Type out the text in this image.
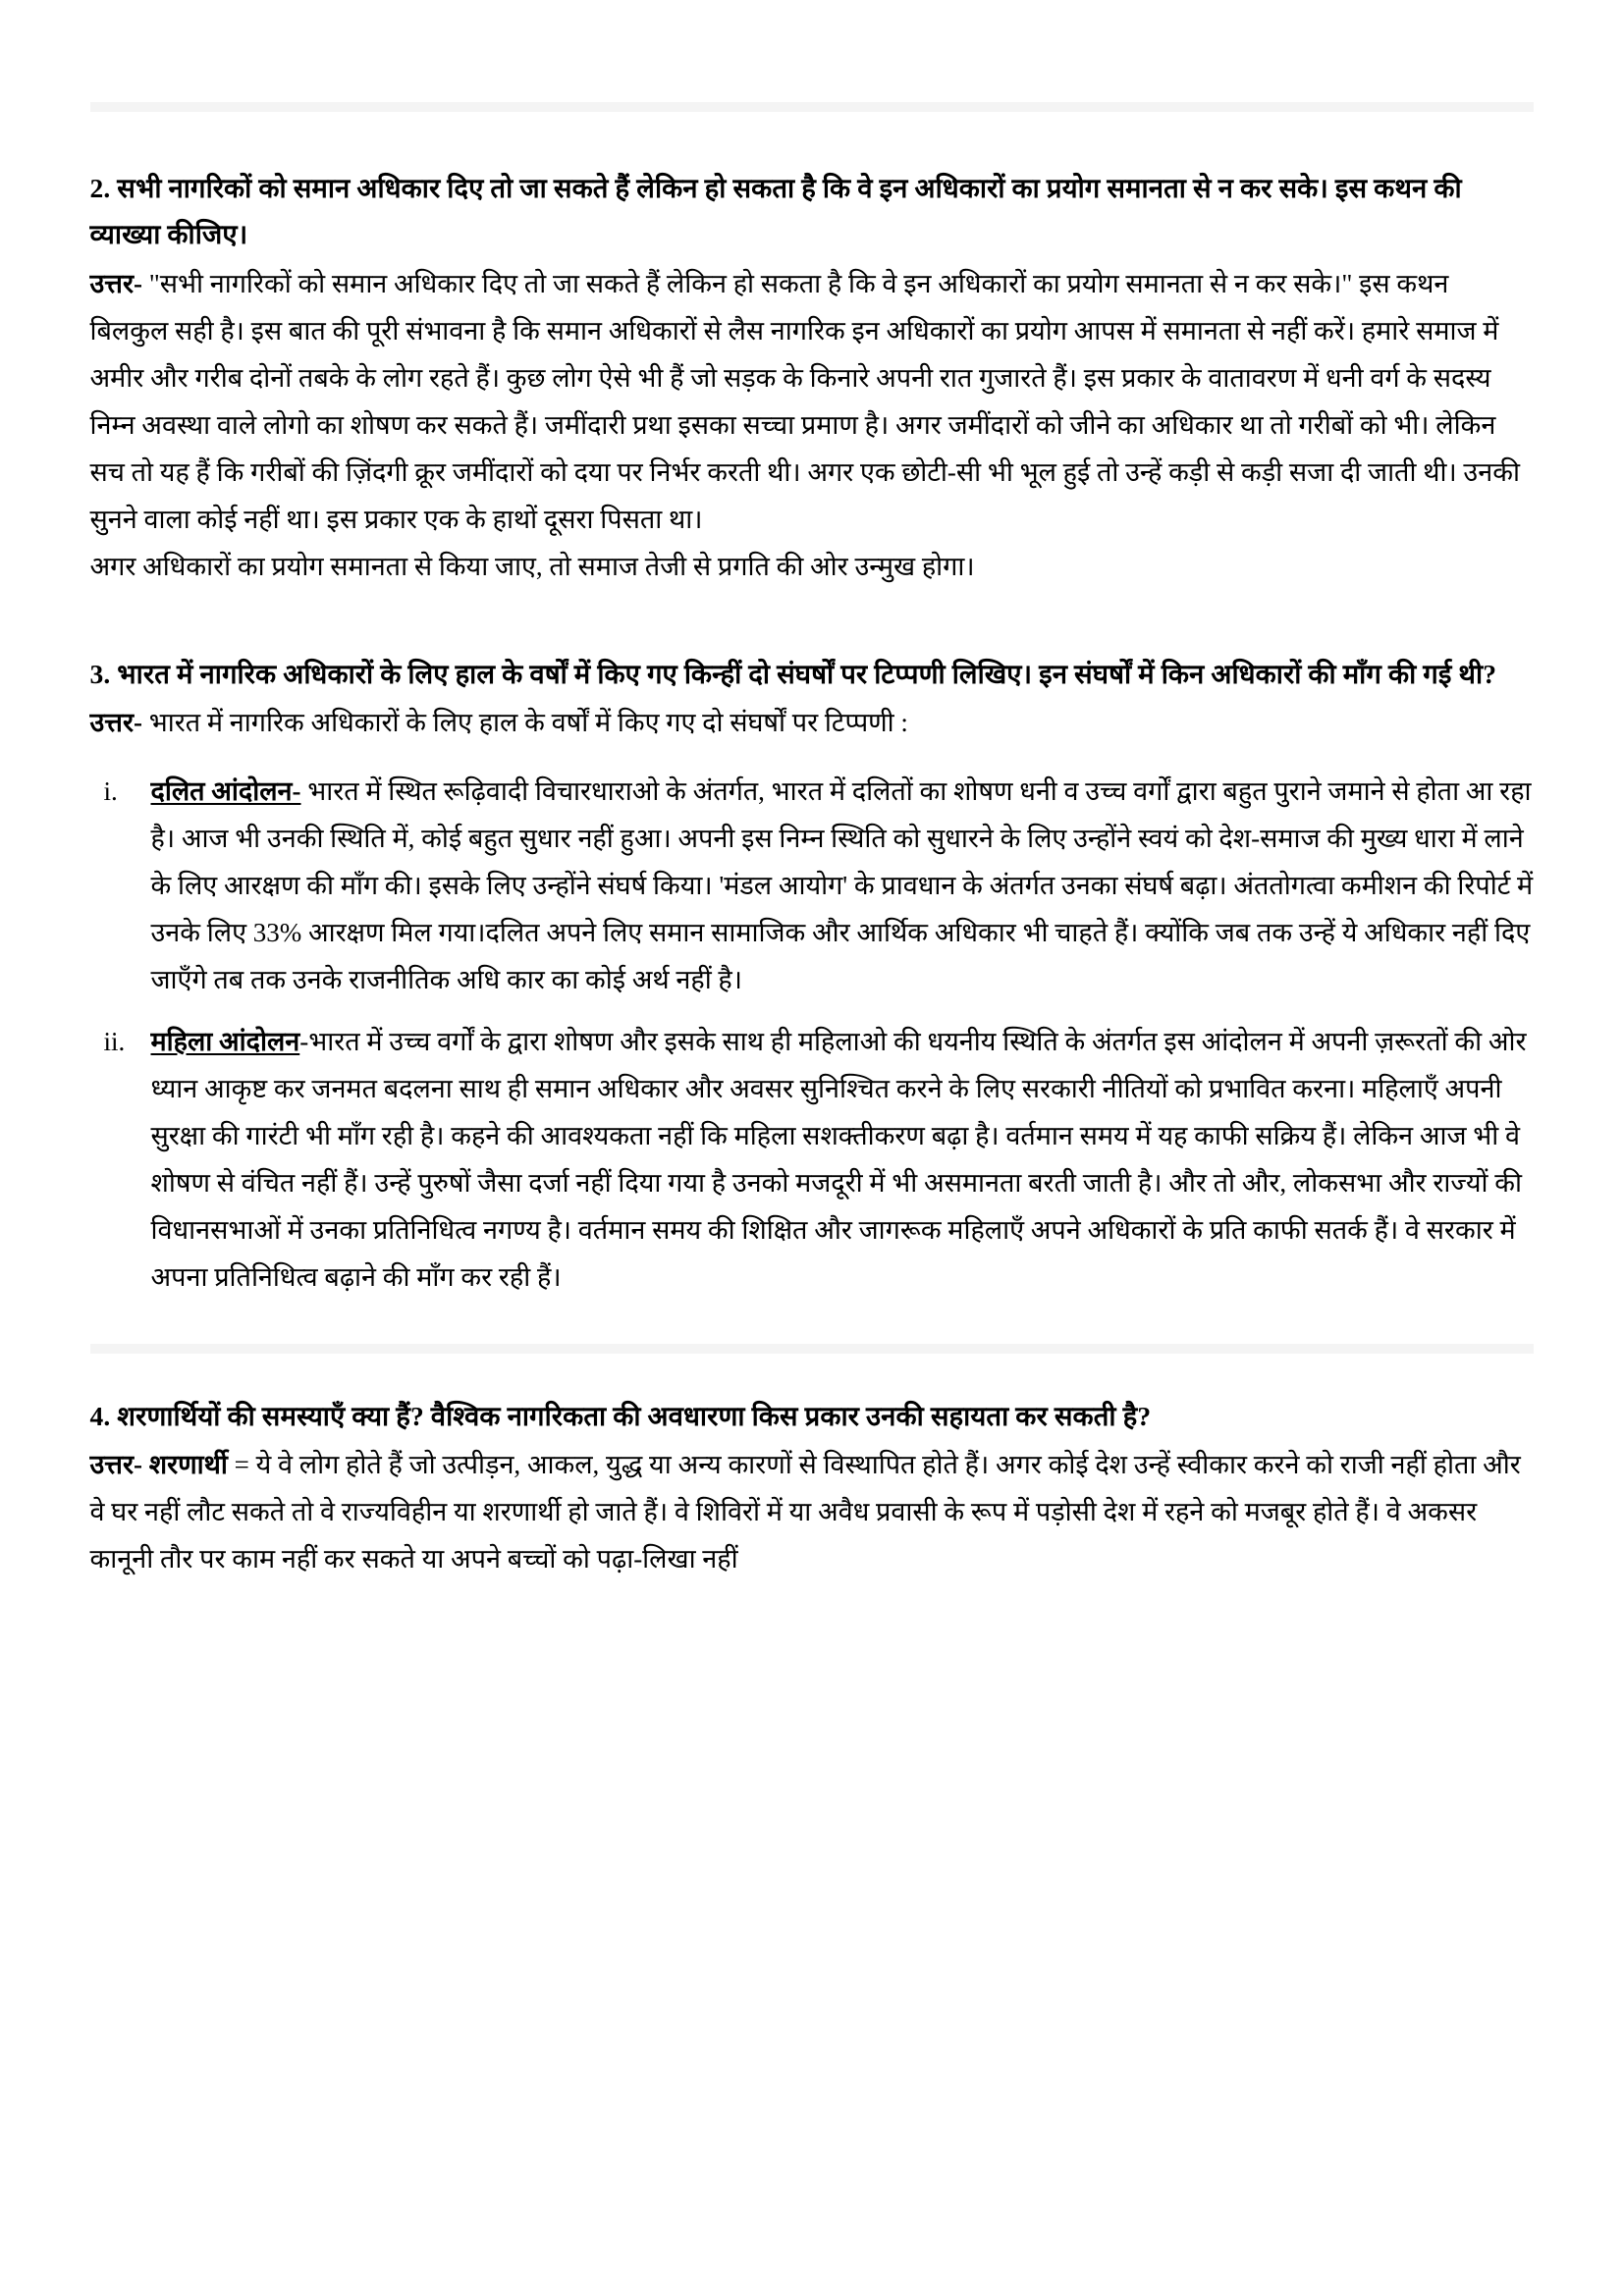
2. सभी नागरिकों को समान अधिकार दिए तो जा सकते हैं लेकिन हो सकता है कि वे इन अधिकारों का प्रयोग समानता से न कर सके। इस कथन की व्याख्या कीजिए।

उत्तर- "सभी नागरिकों को समान अधिकार दिए तो जा सकते हैं लेकिन हो सकता है कि वे इन अधिकारों का प्रयोग समानता से न कर सके।" इस कथन बिलकुल सही है। इस बात की पूरी संभावना है कि समान अधिकारों से लैस नागरिक इन अधिकारों का प्रयोग आपस में समानता से नहीं करें। हमारे समाज में अमीर और गरीब दोनों तबके के लोग रहते हैं। कुछ लोग ऐसे भी हैं जो सड़क के किनारे अपनी रात गुजारते हैं। इस प्रकार के वातावरण में धनी वर्ग के सदस्य निम्न अवस्था वाले लोगो का शोषण कर सकते हैं। जमींदारी प्रथा इसका सच्चा प्रमाण है। अगर जमींदारों को जीने का अधिकार था तो गरीबों को भी। लेकिन सच तो यह हैं कि गरीबों की ज़िंदगी क्रूर जमींदारों को दया पर निर्भर करती थी। अगर एक छोटी-सी भी भूल हुई तो उन्हें कड़ी से कड़ी सजा दी जाती थी। उनकी सुनने वाला कोई नहीं था। इस प्रकार एक के हाथों दूसरा पिसता था।

अगर अधिकारों का प्रयोग समानता से किया जाए, तो समाज तेजी से प्रगति की ओर उन्मुख होगा।

3. भारत में नागरिक अधिकारों के लिए हाल के वर्षों में किए गए किन्हीं दो संघर्षों पर टिप्पणी लिखिए। इन संघर्षों में किन अधिकारों की माँग की गई थी?

उत्तर- भारत में नागरिक अधिकारों के लिए हाल के वर्षों में किए गए दो संघर्षों पर टिप्पणी :

i. दलित आंदोलन- भारत में स्थित रूढ़िवादी विचारधाराओ के अंतर्गत, भारत में दलितों का शोषण धनी व उच्च वर्गों द्वारा बहुत पुराने जमाने से होता आ रहा है। आज भी उनकी स्थिति में, कोई बहुत सुधार नहीं हुआ। अपनी इस निम्न स्थिति को सुधारने के लिए उन्होंने स्वयं को देश-समाज की मुख्य धारा में लाने के लिए आरक्षण की माँग की। इसके लिए उन्होंने संघर्ष किया। 'मंडल आयोग' के प्रावधान के अंतर्गत उनका संघर्ष बढ़ा। अंततोगत्वा कमीशन की रिपोर्ट में उनके लिए 33% आरक्षण मिल गया।दलित अपने लिए समान सामाजिक और आर्थिक अधिकार भी चाहते हैं। क्योंकि जब तक उन्हें ये अधिकार नहीं दिए जाएँगे तब तक उनके राजनीतिक अधि कार का कोई अर्थ नहीं है।
ii. महिला आंदोलन-भारत में उच्च वर्गों के द्वारा शोषण और इसके साथ ही महिलाओ की धयनीय स्थिति के अंतर्गत इस आंदोलन में अपनी ज़रूरतों की ओर ध्यान आकृष्ट कर जनमत बदलना साथ ही समान अधिकार और अवसर सुनिश्चित करने के लिए सरकारी नीतियों को प्रभावित करना। महिलाएँ अपनी सुरक्षा की गारंटी भी माँग रही है। कहने की आवश्यकता नहीं कि महिला सशक्तीकरण बढ़ा है। वर्तमान समय में यह काफी सक्रिय हैं। लेकिन आज भी वे शोषण से वंचित नहीं हैं। उन्हें पुरुषों जैसा दर्जा नहीं दिया गया है उनको मजदूरी में भी असमानता बरती जाती है। और तो और, लोकसभा और राज्यों की विधानसभाओं में उनका प्रतिनिधित्व नगण्य है। वर्तमान समय की शिक्षित और जागरूक महिलाएँ अपने अधिकारों के प्रति काफी सतर्क हैं। वे सरकार में अपना प्रतिनिधित्व बढ़ाने की माँग कर रही हैं।

4. शरणार्थियों की समस्याएँ क्या हैं? वैश्विक नागरिकता की अवधारणा किस प्रकार उनकी सहायता कर सकती है?

उत्तर- शरणार्थी = ये वे लोग होते हैं जो उत्पीड़न, आकल, युद्ध या अन्य कारणों से विस्थापित होते हैं। अगर कोई देश उन्हें स्वीकार करने को राजी नहीं होता और वे घर नहीं लौट सकते तो वे राज्यविहीन या शरणार्थी हो जाते हैं। वे शिविरों में या अवैध प्रवासी के रूप में पड़ोसी देश में रहने को मजबूर होते हैं। वे अकसर कानूनी तौर पर काम नहीं कर सकते या अपने बच्चों को पढ़ा-लिखा नहीं
